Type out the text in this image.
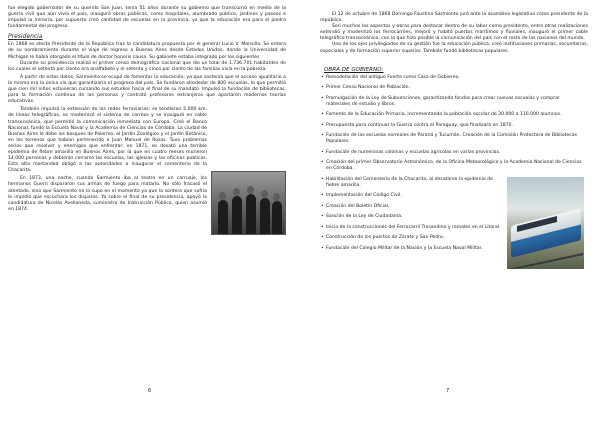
fue elegido gobernador de su querido San Juan, tenía 51 años durante su gobierno que transcurrió en medio de la guerra civil que aún vivía el país, inauguró obras públicas, como hospitales, alumbrado público, jardines y paseos e impulsó la minería, por supuesto creó cantidad de escuelas en la provincia, ya que la educación era para el piedra fundamental del progreso.

Presidencia

En 1868 es electo Presidente de la República tras la candidatura propuesta por el general Lucio V. Mansilla. Se entera de su nombramiento durante el viaje de regreso a Buenos Aires desde Estados Unidos, donde la Universidad de Michigan le había otorgado el título de doctor honoris causa. Su gabinete estaba integrado por los siguientes

Durante su presidencia realizó el primer censo demográfico nacional que dio un total de 1.736.701 habitantes de los cuales el setenta por ciento era analfabeto y el setenta y cinco por ciento de las familias vivía en la pobreza.

A partir de estos datos, Sarmiento se ocupó de fomentar la educación, ya que sostenía que el acceso igualitario a la misma era la única vía que garantizaría el progreso del país. Se fundaron alrededor de 800 escuelas, lo que permitió que cien mil niños estuvieran cursando sus estudios hacia el final de su mandato. Impulsó la fundación de bibliotecas, para la formación continua de las personas y contrató profesores extranjeros que aportaron modernos teorías educativas.

También impulsó la extensión de las redes ferroviarias; se tendieron 5.000 km. de líneas telegráficas, se modernizó el sistema de correos y se inauguró en cable transoceánico, que permitió la comunicación inmediata con Europa. Creó el Banco Nacional, fundó la Escuela Naval y la Academia de Ciencias de Córdoba. La ciudad de Buenos Aires le debe los bosques de Palermo, el Jardín Zoológico y el Jardín Botánico, en los terrenos que habían pertenecido a Juan Manuel de Rosas. Tuvo problemas serios que resolver y enemigos que enfrentar: en 1871, se desató una terrible epidemia de fiebre amarilla en Buenos Aires, por la que en cuatro meses murieron 14.000 personas y debieron cerrarse las escuelas, las iglesias y las oficinas públicas. Esta alta mortandad obligó a las autoridades a inaugurar el cementerio de la Chacarita.

En 1873, una noche, cuando Sarmiento iba al teatro en un carruaje, los hermanos Guerri dispararon sus armas de fuego para matarlo. No sólo fracasó el atentado, sino que Sarmiento no lo supo en el momento ya que la sordera que sufría le impidió que escuchara los disparos. Ya sobre el final de su presidencia, apoyó la candidatura de Nicolás Avellaneda, suministro de Instrucción Pública, quien asumió en 1874.

6

El 12 de octubre de 1868 Domingo Faustino Sarmiento juró ante la asamblea legislativa como presidente de la república.

Son muchos los aspectos y obras para destacar dentro de su labor como presidente, entre otras realizaciones extendió y modernizó los ferrocarriles, mejoró y habitó puertos marítimos y fluviales, inauguró el primer cable telegráfico transoceánico, con lo que hizo posible la comunicación del país con el resto de las naciones del mundo.

Uno de los ejes privilegiados de su gestión fue la educación pública, creó instituciones primarias, secundarias, especiales y de formación superior superior. También fundó bibliotecas populares.

OBRA DE GOBIERNO:
• Remodelación del antiguo Fuerte como Casa de Gobierno.
• Primer Censo Nacional de Población.
• Promulgación de la Ley de Subvenciones, garantizando fondos para crear nuevas escuelas y comprar materiales de estudio y libros.
• Fomento de la Educación Primaria, incrementando la población escolar de 30.000 a 110.000 alumnos.
• Presupuesto para continuar la Guerra contra el Paraguay, que finalizará en 1870.
• Fundación de las escuelas normales de Paraná y Tucumán. Creación de la Comisión Protectora de Bibliotecas Populares.
• Fundación de numerosas colonias y escuelas agrícolas en varias provincias.
• Creación del primer Observatorio Astronómico, de la Oficina Meteorológica y la Academia Nacional de Ciencias en Córdoba.
• Habilitación del Cementerio de la Chacarita, al desatarse la epidemia de fiebre amarilla.
• Implementación del Código Civil.
• Creación del Boletín Oficial.
• Sanción de la Ley de Ciudadanía.
• Inicio de la construcciones del Ferrocarril Trasandino y ramales en el Litoral.
• Construcción de los puertos de Zárate y San Pedro.
• Fundación del Colegio Militar de la Nación y la Escuela Naval Militar.
7
